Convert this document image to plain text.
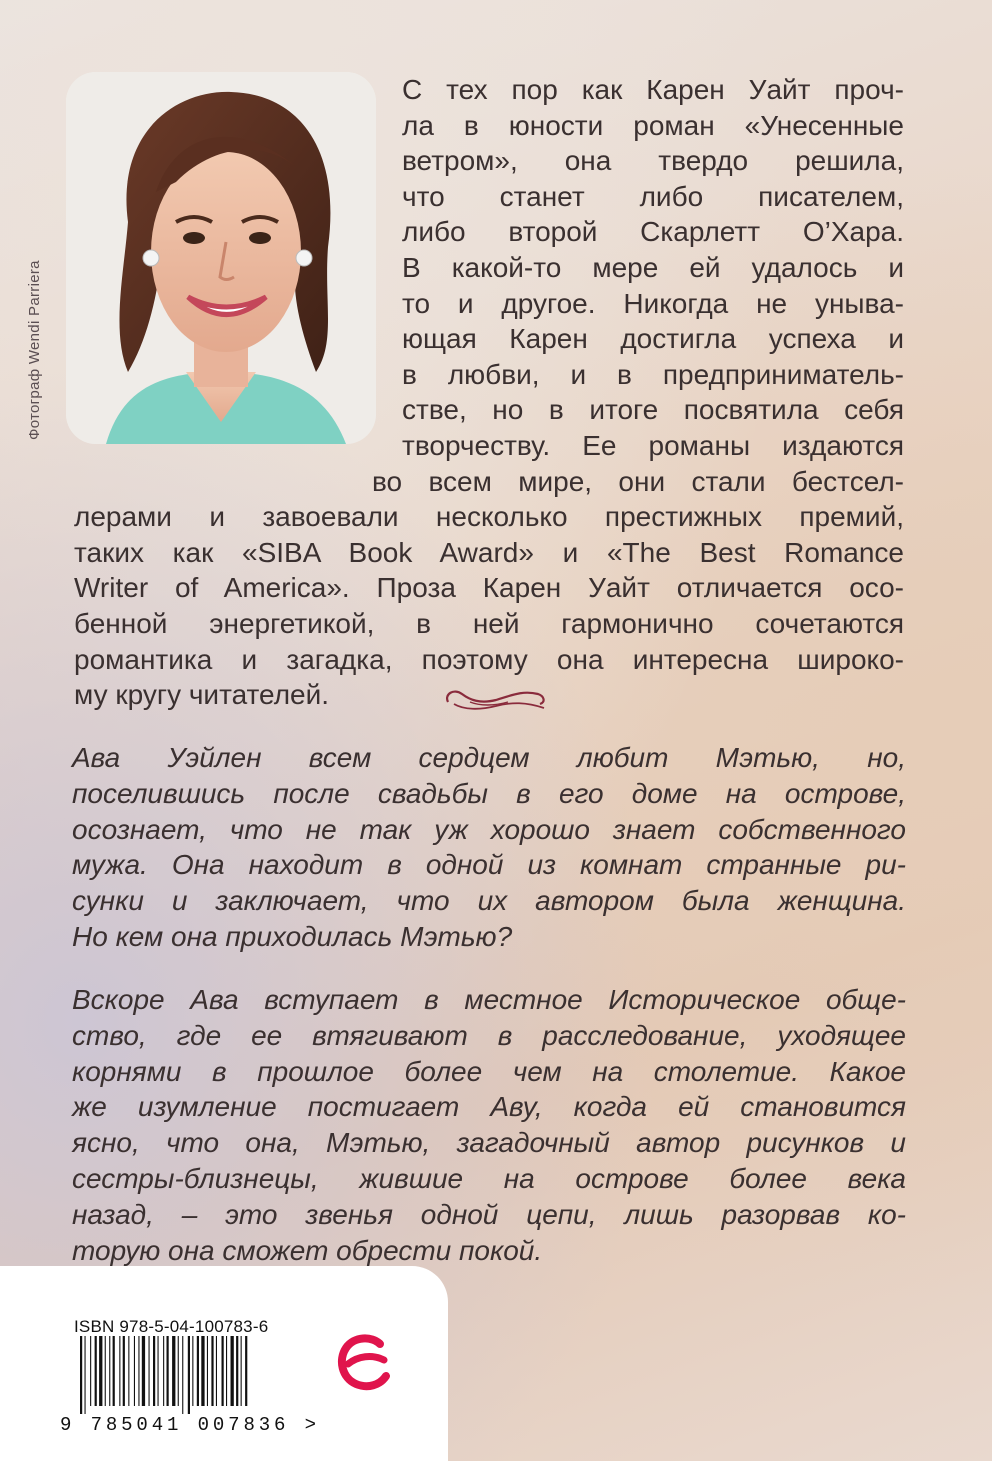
Фотограф Wendi Parriera
С тех пор как Карен Уайт проч-
ла в юности роман «Унесенные
ветром», она твердо решила,
что станет либо писателем,
либо второй Скарлетт О’Хара.
В какой-то мере ей удалось и
то и другое. Никогда не уныва-
ющая Карен достигла успеха и
в любви, и в предприниматель-
стве, но в итоге посвятила себя
творчеству. Ее романы издаются
во всем мире, они стали бестсел-
лерами и завоевали несколько престижных премий,
таких как «SIBA Book Award» и «The Best Romance
Writer of America». Проза Карен Уайт отличается осо-
бенной энергетикой, в ней гармонично сочетаются
романтика и загадка, поэтому она интересна широко-
му кругу читателей.
Ава Уэйлен всем сердцем любит Мэтью, но,
поселившись после свадьбы в его доме на острове,
осознает, что не так уж хорошо знает собственного
мужа. Она находит в одной из комнат странные ри-
сунки и заключает, что их автором была женщина.
Но кем она приходилась Мэтью?
Вскоре Ава вступает в местное Историческое обще-
ство, где ее втягивают в расследование, уходящее
корнями в прошлое более чем на столетие. Какое
же изумление постигает Аву, когда ей становится
ясно, что она, Мэтью, загадочный автор рисунков и
сестры-близнецы, жившие на острове более века
назад, – это звенья одной цепи, лишь разорвав ко-
торую она сможет обрести покой.
ISBN 978-5-04-100783-6
9 785041 007836 >
